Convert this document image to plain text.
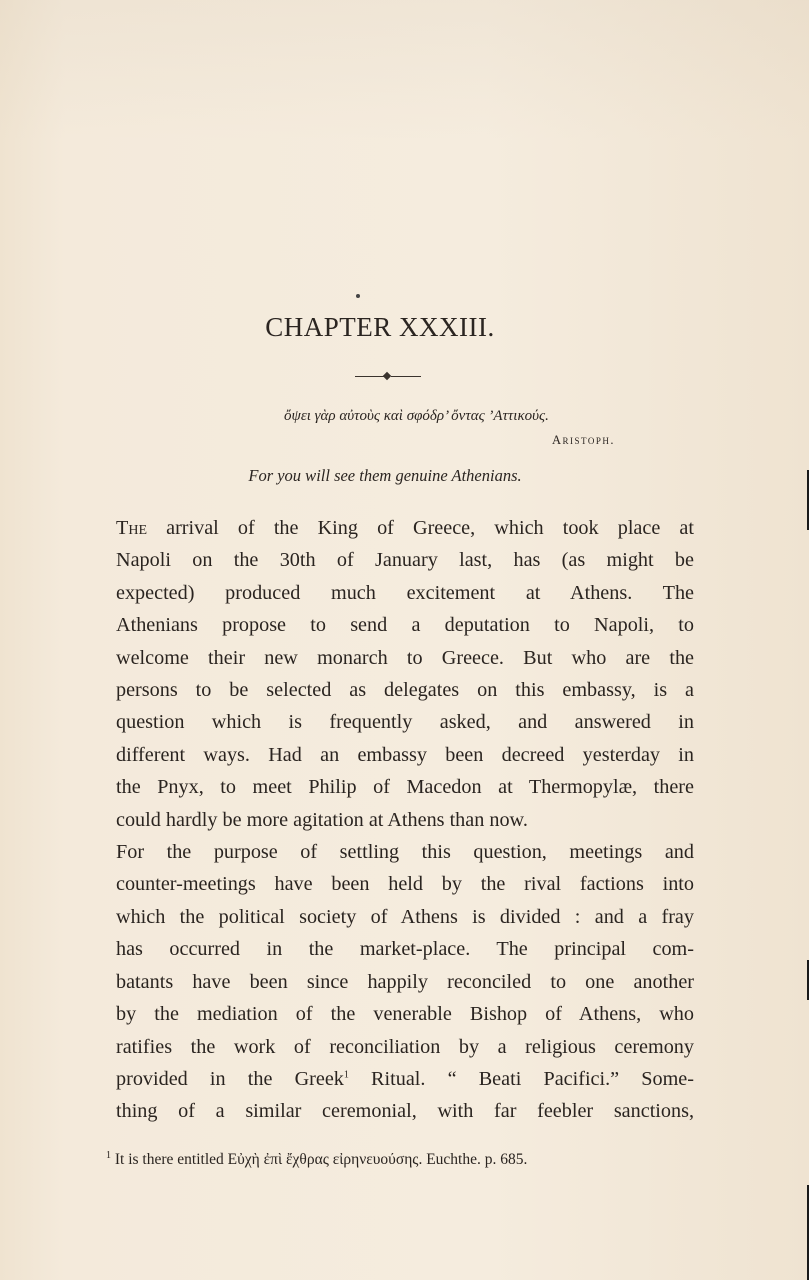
CHAPTER XXXIII.
ὄψει γὰρ αὐτοὺς καὶ σφόδρ’ ὄντας ’Αττικούς.
Aristoph.
For you will see them genuine Athenians.

The arrival of the King of Greece, which took place at

Napoli on the 30th of January last, has (as might be

expected) produced much excitement at Athens. The

Athenians propose to send a deputation to Napoli, to

welcome their new monarch to Greece. But who are the

persons to be selected as delegates on this embassy, is a

question which is frequently asked, and answered in

different ways. Had an embassy been decreed yesterday in

the Pnyx, to meet Philip of Macedon at Thermopylæ, there

could hardly be more agitation at Athens than now.

For the purpose of settling this question, meetings and

counter-meetings have been held by the rival factions into

which the political society of Athens is divided : and a fray

has occurred in the market-place. The principal com-

batants have been since happily reconciled to one another

by the mediation of the venerable Bishop of Athens, who

ratifies the work of reconciliation by a religious ceremony

provided in the Greek$^1$ Ritual. “ Beati Pacifici.” Some-

thing of a similar ceremonial, with far feebler sanctions,

$^1$ It is there entitled Εὐχὴ ἐπὶ ἔχθρας εἰρηνευούσης. Euchthe. p. 685.
